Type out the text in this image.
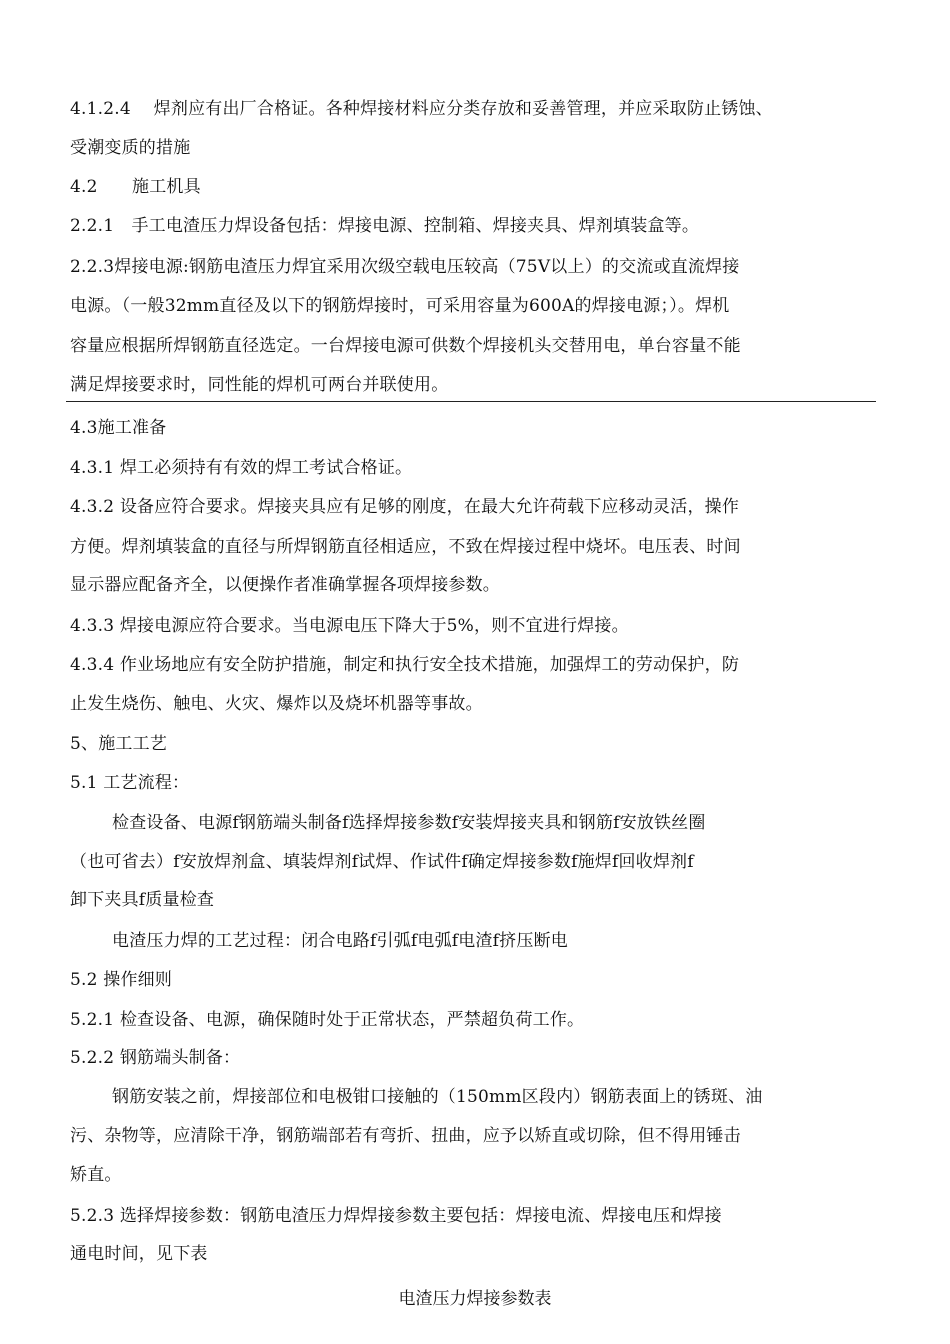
4.1.2.4　 焊剂应有出厂合格证。各种焊接材料应分类存放和妥善管理，并应采取防止锈蚀、
受潮变质的措施
4.2　　施工机具
2.2.1　手工电渣压力焊设备包括：焊接电源、控制箱、焊接夹具、焊剂填装盒等。
2.2.3焊接电源:钢筋电渣压力焊宜采用次级空载电压较高（75V以上）的交流或直流焊接
电源。（一般32mm直径及以下的钢筋焊接时，可采用容量为600A的焊接电源；）。焊机
容量应根据所焊钢筋直径选定。一台焊接电源可供数个焊接机头交替用电，单台容量不能
满足焊接要求时，同性能的焊机可两台并联使用。
4.3施工准备
4.3.1 焊工必须持有有效的焊工考试合格证。
4.3.2 设备应符合要求。焊接夹具应有足够的刚度，在最大允许荷载下应移动灵活，操作
方便。焊剂填装盒的直径与所焊钢筋直径相适应，不致在焊接过程中烧坏。电压表、时间
显示器应配备齐全，以便操作者准确掌握各项焊接参数。
4.3.3 焊接电源应符合要求。当电源电压下降大于5%，则不宜进行焊接。
4.3.4 作业场地应有安全防护措施，制定和执行安全技术措施，加强焊工的劳动保护，防
止发生烧伤、触电、火灾、爆炸以及烧坏机器等事故。
5、施工工艺
5.1 工艺流程：
检查设备、电源f钢筋端头制备f选择焊接参数f安装焊接夹具和钢筋f安放铁丝圈
（也可省去）f安放焊剂盒、填装焊剂f试焊、作试件f确定焊接参数f施焊f回收焊剂f
卸下夹具f质量检查
电渣压力焊的工艺过程：闭合电路f引弧f电弧f电渣f挤压断电
5.2 操作细则
5.2.1 检查设备、电源，确保随时处于正常状态，严禁超负荷工作。
5.2.2 钢筋端头制备：
钢筋安装之前，焊接部位和电极钳口接触的（150mm区段内）钢筋表面上的锈斑、油
污、杂物等，应清除干净，钢筋端部若有弯折、扭曲，应予以矫直或切除，但不得用锤击
矫直。
5.2.3 选择焊接参数：钢筋电渣压力焊焊接参数主要包括：焊接电流、焊接电压和焊接
通电时间，见下表
电渣压力焊接参数表
